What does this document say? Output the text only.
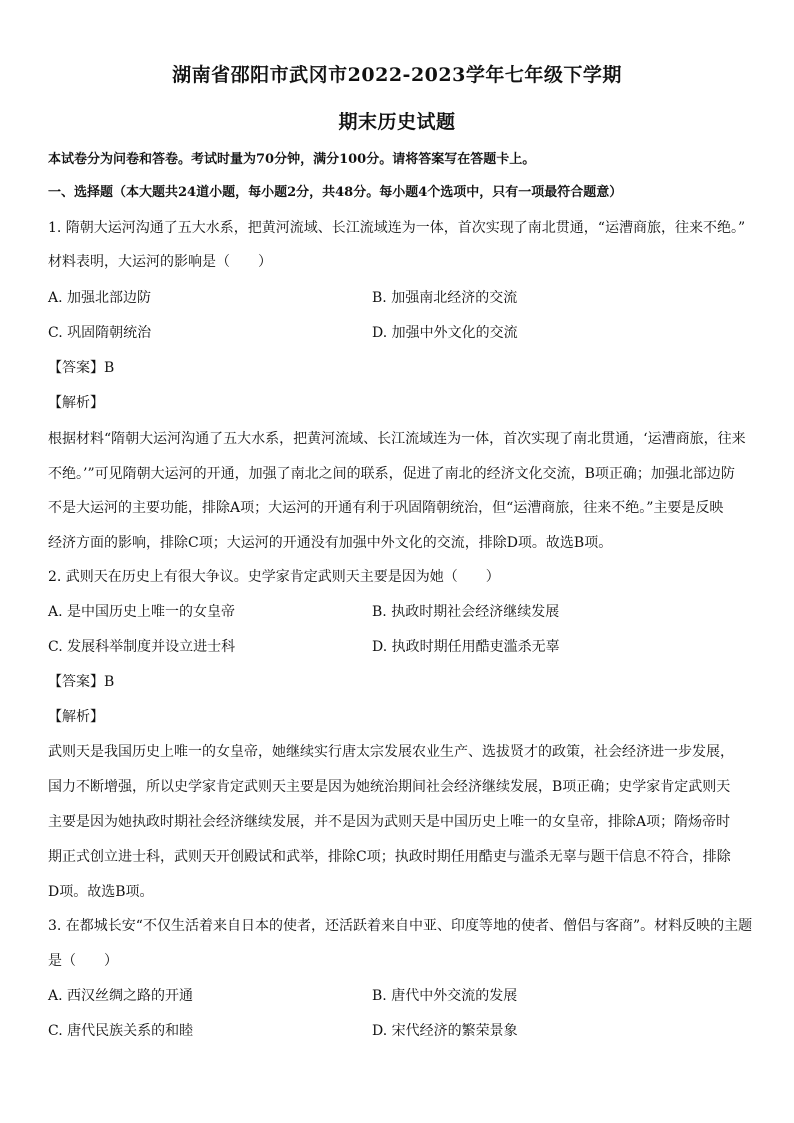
湖南省邵阳市武冈市2022-2023学年七年级下学期
期末历史试题
本试卷分为问卷和答卷。考试时量为70分钟，满分100分。请将答案写在答题卡上。
一、选择题（本大题共24道小题，每小题2分，共48分。每小题4个选项中，只有一项最符合题意）
1. 隋朝大运河沟通了五大水系，把黄河流域、长江流域连为一体，首次实现了南北贯通，“运漕商旅，往来不绝。”
材料表明，大运河的影响是（　　）
A. 加强北部边防	B. 加强南北经济的交流
C. 巩固隋朝统治	D. 加强中外文化的交流
【答案】B
【解析】
根据材料“隋朝大运河沟通了五大水系，把黄河流域、长江流域连为一体，首次实现了南北贯通，‘运漕商旅，往来
不绝。’”可见隋朝大运河的开通，加强了南北之间的联系，促进了南北的经济文化交流，B项正确；加强北部边防
不是大运河的主要功能，排除A项；大运河的开通有利于巩固隋朝统治，但“运漕商旅，往来不绝。”主要是反映
经济方面的影响，排除C项；大运河的开通没有加强中外文化的交流，排除D项。故选B项。
2. 武则天在历史上有很大争议。史学家肯定武则天主要是因为她（　　）
A. 是中国历史上唯一的女皇帝	B. 执政时期社会经济继续发展
C. 发展科举制度并设立进士科	D. 执政时期任用酷吏滥杀无辜
【答案】B
【解析】
武则天是我国历史上唯一的女皇帝，她继续实行唐太宗发展农业生产、选拔贤才的政策，社会经济进一步发展，
国力不断增强，所以史学家肯定武则天主要是因为她统治期间社会经济继续发展，B项正确；史学家肯定武则天
主要是因为她执政时期社会经济继续发展，并不是因为武则天是中国历史上唯一的女皇帝，排除A项；隋炀帝时
期正式创立进士科，武则天开创殿试和武举，排除C项；执政时期任用酷吏与滥杀无辜与题干信息不符合，排除
D项。故选B项。
3. 在都城长安“不仅生活着来自日本的使者，还活跃着来自中亚、印度等地的使者、僧侣与客商”。材料反映的主题
是（　　）
A. 西汉丝绸之路的开通	B. 唐代中外交流的发展
C. 唐代民族关系的和睦	D. 宋代经济的繁荣景象
